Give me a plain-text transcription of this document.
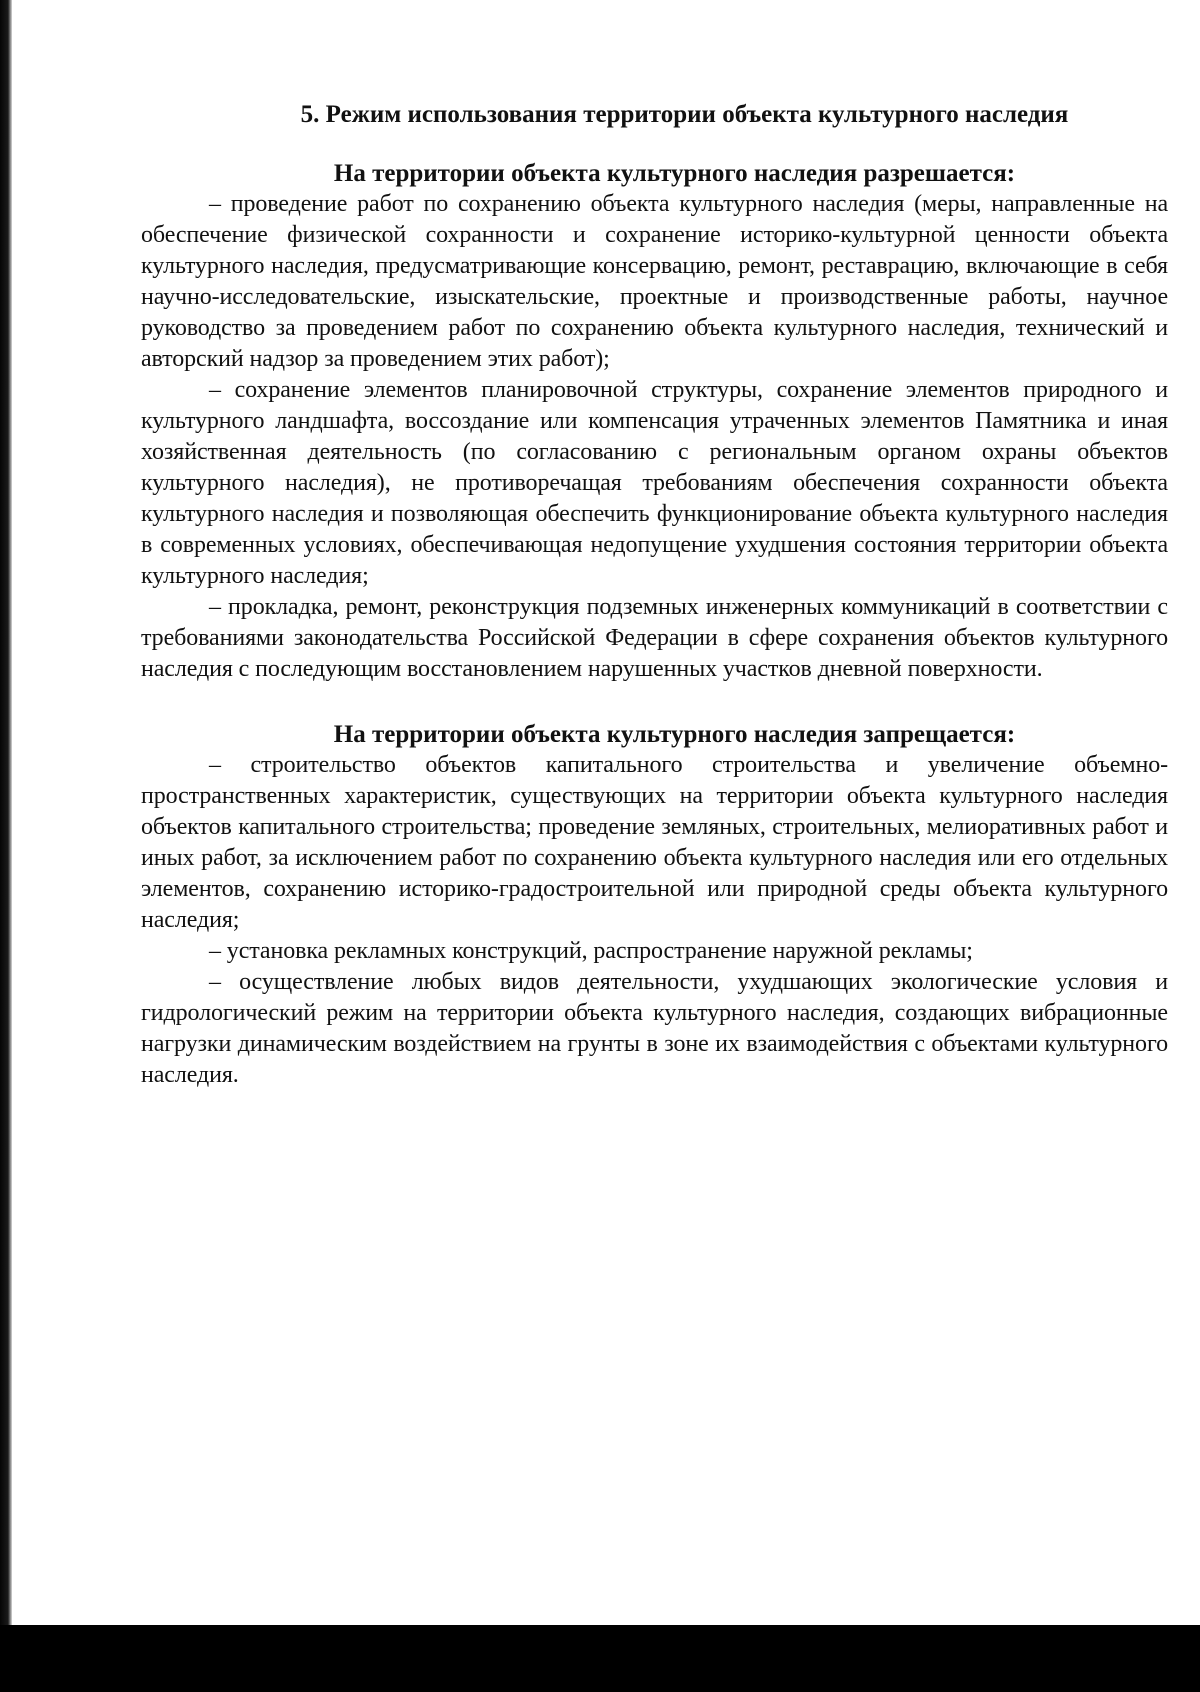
5. Режим использования территории объекта культурного наследия
На территории объекта культурного наследия разрешается:

– проведение работ по сохранению объекта культурного наследия (меры, направленные на обеспечение физической сохранности и сохранение историко-культурной ценности объекта культурного наследия, предусматривающие консервацию, ремонт, реставрацию, включающие в себя научно-исследовательские, изыскательские, проектные и производственные работы, научное руководство за проведением работ по сохранению объекта культурного наследия, технический и авторский надзор за проведением этих работ);

– сохранение элементов планировочной структуры, сохранение элементов природного и культурного ландшафта, воссоздание или компенсация утраченных элементов Памятника и иная хозяйственная деятельность (по согласованию с региональным органом охраны объектов культурного наследия), не противоречащая требованиям обеспечения сохранности объекта культурного наследия и позволяющая обеспечить функционирование объекта культурного наследия в современных условиях, обеспечивающая недопущение ухудшения состояния территории объекта культурного наследия;

– прокладка, ремонт, реконструкция подземных инженерных коммуникаций в соответствии с требованиями законодательства Российской Федерации в сфере сохранения объектов культурного наследия с последующим восстановлением нарушенных участков дневной поверхности.

На территории объекта культурного наследия запрещается:

– строительство объектов капитального строительства и увеличение объемно-пространственных характеристик, существующих на территории объекта культурного наследия объектов капитального строительства; проведение земляных, строительных, мелиоративных работ и иных работ, за исключением работ по сохранению объекта культурного наследия или его отдельных элементов, сохранению историко-градостроительной или природной среды объекта культурного наследия;

– установка рекламных конструкций, распространение наружной рекламы;

– осуществление любых видов деятельности, ухудшающих экологические условия и гидрологический режим на территории объекта культурного наследия, создающих вибрационные нагрузки динамическим воздействием на грунты в зоне их взаимодействия с объектами культурного наследия.
